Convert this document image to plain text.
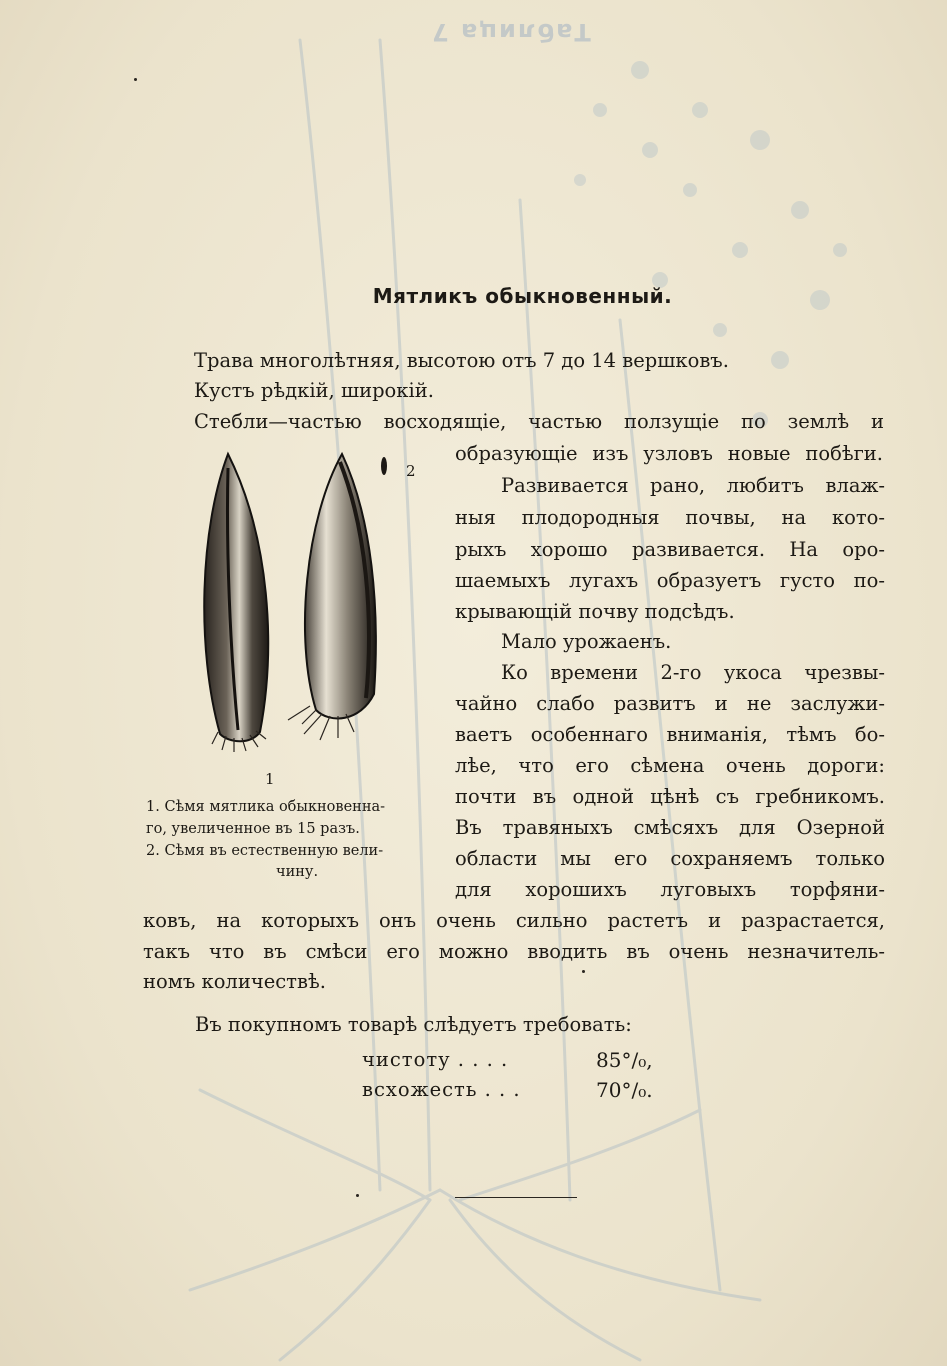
Таблица 7
Мятликъ обыкновенный.
Трава многолѣтняя, высотою отъ 7 до 14 вершковъ.
Кустъ рѣдкій, широкій.
Стебли—частью восходящіе, частью ползущіе по землѣ и
образующіе изъ узловъ новые побѣги.
Развивается рано, любитъ влаж-
ныя плодородныя почвы, на кото-
рыхъ хорошо развивается. На оро-
шаемыхъ лугахъ образуетъ густо по-
крывающій почву подсѣдъ.
Мало урожаенъ.
Ко времени 2-го укоса чрезвы-
чайно слабо развитъ и не заслужи-
ваетъ особеннаго вниманія, тѣмъ бо-
лѣе, что его сѣмена очень дороги:
почти въ одной цѣнѣ съ гребникомъ.
Въ травяныхъ смѣсяхъ для Озерной
области мы его сохраняемъ только
для хорошихъ луговыхъ торфяни-
ковъ, на которыхъ онъ очень сильно растетъ и разрастается,
такъ что въ смѣси его можно вводить въ очень незначитель-
номъ количествѣ.
Въ покупномъ товарѣ слѣдуетъ требовать:
чистоту . . . .	85°/₀,
всхожесть . . .	70°/₀.
2
1
1. Сѣмя мятлика обыкновенна-
го, увеличенное въ 15 разъ.
2. Сѣмя въ естественную вели-
чину.
